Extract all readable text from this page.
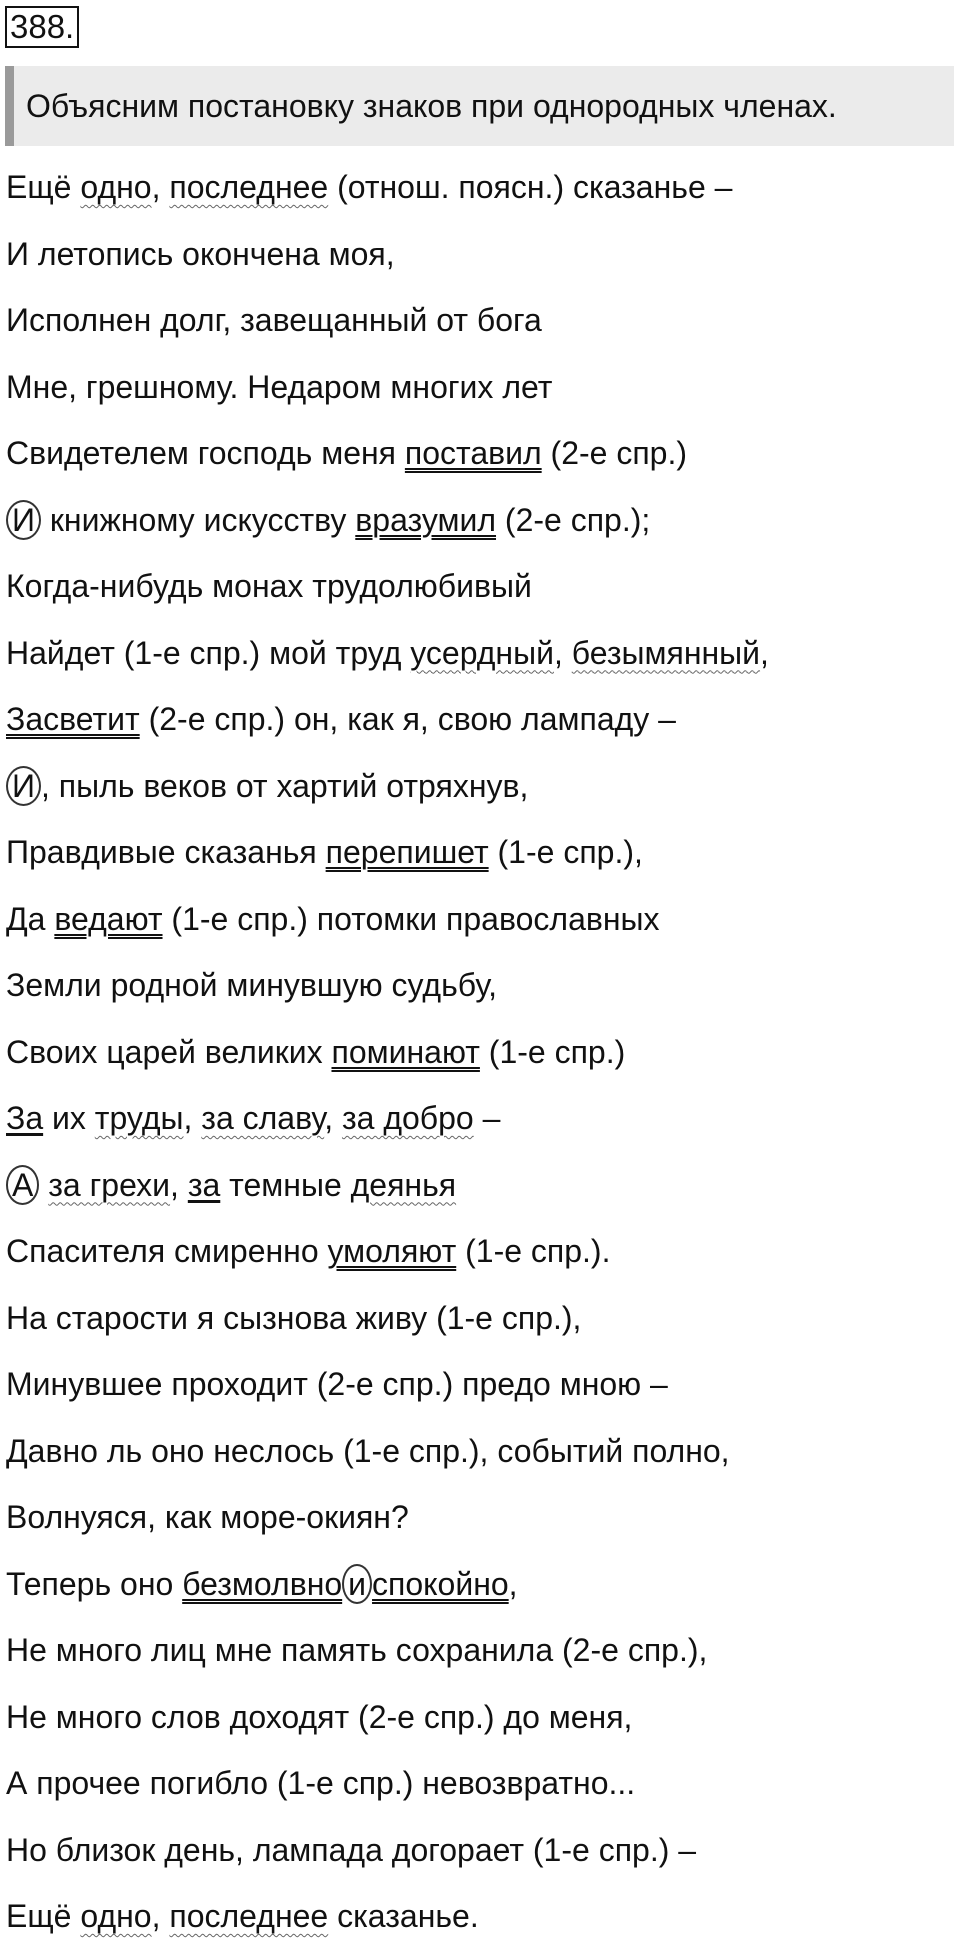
388.
Объясним постановку знаков при однородных членах.
Ещё одно, последнее (отнош. поясн.) сказанье –
И летопись окончена моя,
Исполнен долг, завещанный от бога
Мне, грешному. Недаром многих лет
Свидетелем господь меня поставил (2-е спр.)
И книжному искусству вразумил (2-е спр.);
Когда-нибудь монах трудолюбивый
Найдет (1-е спр.) мой труд усердный, безымянный,
Засветит (2-е спр.) он, как я, свою лампаду –
И , пыль веков от хартий отряхнув,
Правдивые сказанья перепишет (1-е спр.),
Да ведают (1-е спр.) потомки православных
Земли родной минувшую судьбу,
Своих царей великих поминают (1-е спр.)
За их труды, за славу, за добро –
А за грехи, за темные деянья
Спасителя смиренно умоляют (1-е спр.).
На старости я сызнова живу (1-е спр.),
Минувшее проходит (2-е спр.) предо мною –
Давно ль оно неслось (1-е спр.), событий полно,
Волнуяся, как море-окиян?
Теперь оно безмолвно и спокойно,
Не много лиц мне память сохранила (2-е спр.),
Не много слов доходят (2-е спр.) до меня,
А прочее погибло (1-е спр.) невозвратно...
Но близок день, лампада догорает (1-е спр.) –
Ещё одно, последнее сказанье.
